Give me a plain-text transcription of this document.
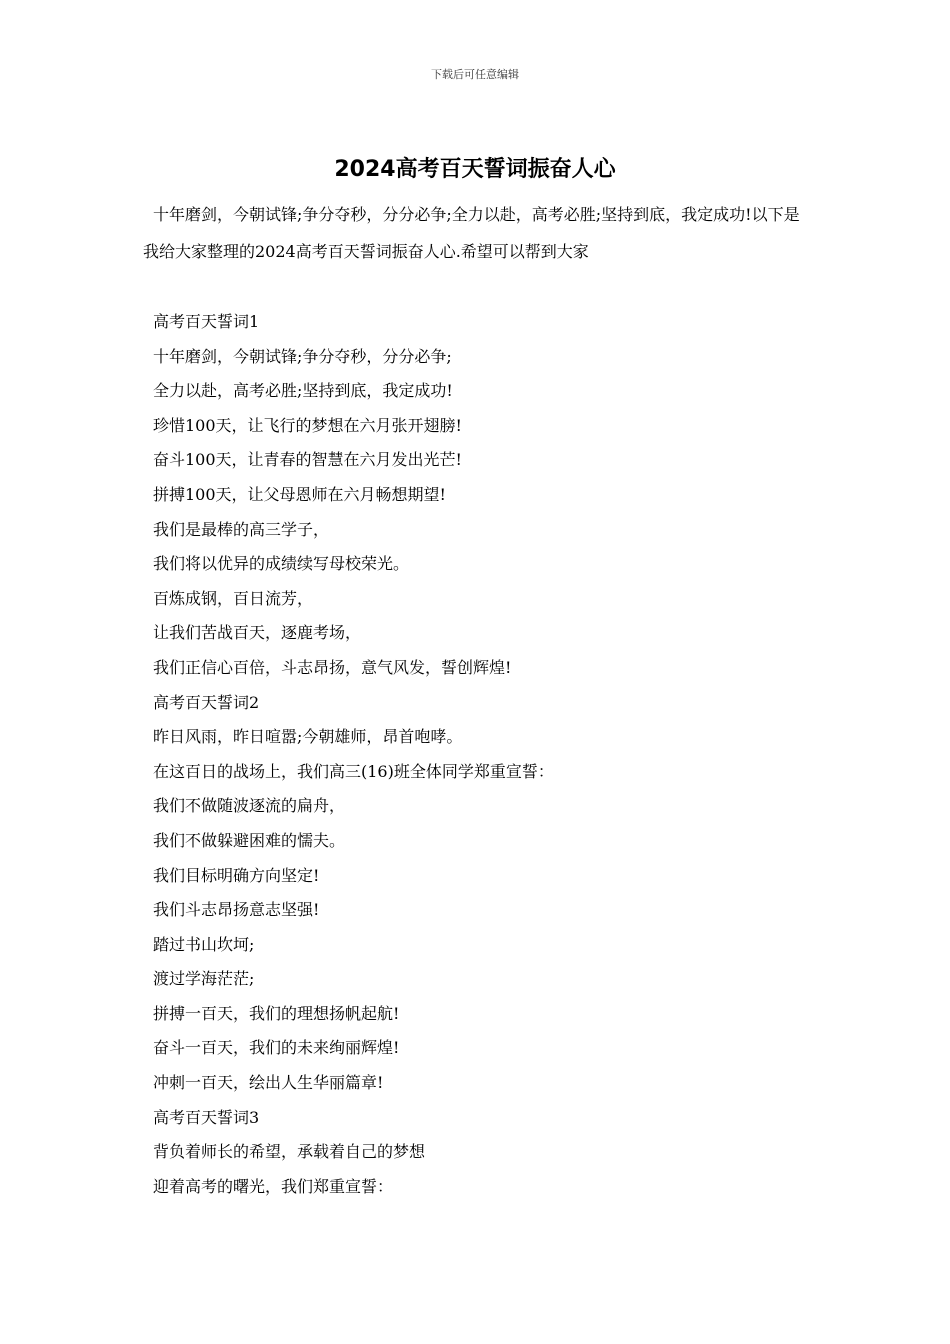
下载后可任意编辑
2024高考百天誓词振奋人心

十年磨剑，今朝试锋;争分夺秒，分分必争;全力以赴，高考必胜;坚持到底，我定成功!以下是我给大家整理的2024高考百天誓词振奋人心.希望可以帮到大家

高考百天誓词1
十年磨剑，今朝试锋;争分夺秒，分分必争;
全力以赴，高考必胜;坚持到底，我定成功!
珍惜100天，让飞行的梦想在六月张开翅膀!
奋斗100天，让青春的智慧在六月发出光芒!
拼搏100天，让父母恩师在六月畅想期望!
我们是最棒的高三学子，
我们将以优异的成绩续写母校荣光。
百炼成钢，百日流芳，
让我们苦战百天，逐鹿考场，
我们正信心百倍，斗志昂扬，意气风发，誓创辉煌!
高考百天誓词2
昨日风雨，昨日喧嚣;今朝雄师，昂首咆哮。
在这百日的战场上，我们高三(16)班全体同学郑重宣誓：
我们不做随波逐流的扁舟，
我们不做躲避困难的懦夫。
我们目标明确方向坚定!
我们斗志昂扬意志坚强!
踏过书山坎坷;
渡过学海茫茫;
拼搏一百天，我们的理想扬帆起航!
奋斗一百天，我们的未来绚丽辉煌!
冲刺一百天，绘出人生华丽篇章!
高考百天誓词3
背负着师长的希望，承载着自己的梦想
迎着高考的曙光，我们郑重宣誓：
